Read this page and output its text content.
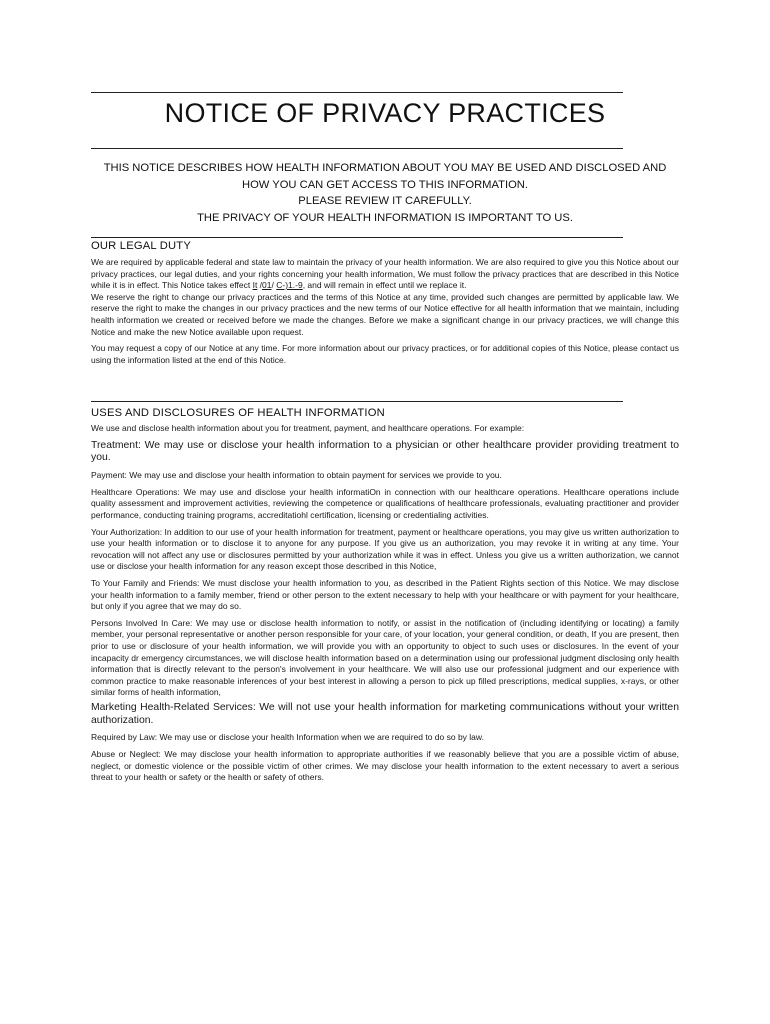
NOTICE OF PRIVACY PRACTICES
THIS NOTICE DESCRIBES HOW HEALTH INFORMATION ABOUT YOU MAY BE USED AND DISCLOSED AND
HOW YOU CAN GET ACCESS TO THIS INFORMATION.
PLEASE REVIEW IT CAREFULLY.
THE PRIVACY OF YOUR HEALTH INFORMATION IS IMPORTANT TO US.
OUR LEGAL DUTY

We are required by applicable federal and state law to maintain the privacy of your health information. We are also required to give you this Notice about our privacy practices, our legal duties, and your rights concerning your health information, We must follow the privacy practices that are described in this Notice while it is in effect. This Notice takes effect It /01/ C-)1.-9, and will remain in effect until we replace it.

We reserve the right to change our privacy practices and the terms of this Notice at any time, provided such changes are permitted by applicable law. We reserve the right to make the changes in our privacy practices and the new terms of our Notice effective for all health information that we maintain, including health information we created or received before we made the changes. Before we make a significant change in our privacy practices, we will change this Notice and make the new Notice available upon request.

You may request a copy of our Notice at any time. For more information about our privacy practices, or for additional copies of this Notice, please contact us using the information listed at the end of this Notice.

USES AND DISCLOSURES OF HEALTH INFORMATION

We use and disclose health information about you for treatment, payment, and healthcare operations. For example:

Treatment: We may use or disclose your health information to a physician or other healthcare provider providing treatment to you.

Payment: We may use and disclose your health information to obtain payment for services we provide to you.

Healthcare Operations: We may use and disclose your health informatiOn in connection with our healthcare operations. Healthcare operations include quality assessment and improvement activities, reviewing the competence or qualifications of healthcare professionals, evaluating practitioner and provider performance, conducting training programs, accreditatiohl certification, licensing or credentialing activities.

Your Authorization: In addition to our use of your health information for treatment, payment or healthcare operations, you may give us written authorization to use your health information or to disclose it to anyone for any purpose. If you give us an authorization, you may revoke it in writing at any time. Your revocation will not affect any use or disclosures permitted by your authorization while it was in effect. Unless you give us a written authorization, we cannot use or disclose your health information for any reason except those described in this Notice,

To Your Family and Friends: We must disclose your health information to you, as described in the Patient Rights section of this Notice. We may disclose your health information to a family member, friend or other person to the extent necessary to help with your healthcare or with payment for your healthcare, but only if you agree that we may do so.

Persons Involved In Care: We may use or disclose health information to notify, or assist in the notification of (including identifying or locating) a family member, your personal representative or another person responsible for your care, of your location, your general condition, or death, If you are present, then prior to use or disclosure of your health information, we will provide you with an opportunity to object to such uses or disclosures. In the event of your incapacity dr emergency circumstances, we will disclose health information based on a determination using our professional judgment disclosing only health information that is directly relevant to the person's involvement in your healthcare. We will also use our professional judgment and our experience with common practice to make reasonable inferences of your best interest in allowing a person to pick up filled prescriptions, medical supplies, x-rays, or other similar forms of health information,

Marketing Health-Related Services: We will not use your health information for marketing communications without your written authorization.

Required by Law: We may use or disclose your health Information when we are required to do so by law.

Abuse or Neglect: We may disclose your health information to appropriate authorities if we reasonably believe that you are a possible victim of abuse, neglect, or domestic violence or the possible victim of other crimes. We may disclose your health information to the extent necessary to avert a serious threat to your health or safety or the health or safety of others.
